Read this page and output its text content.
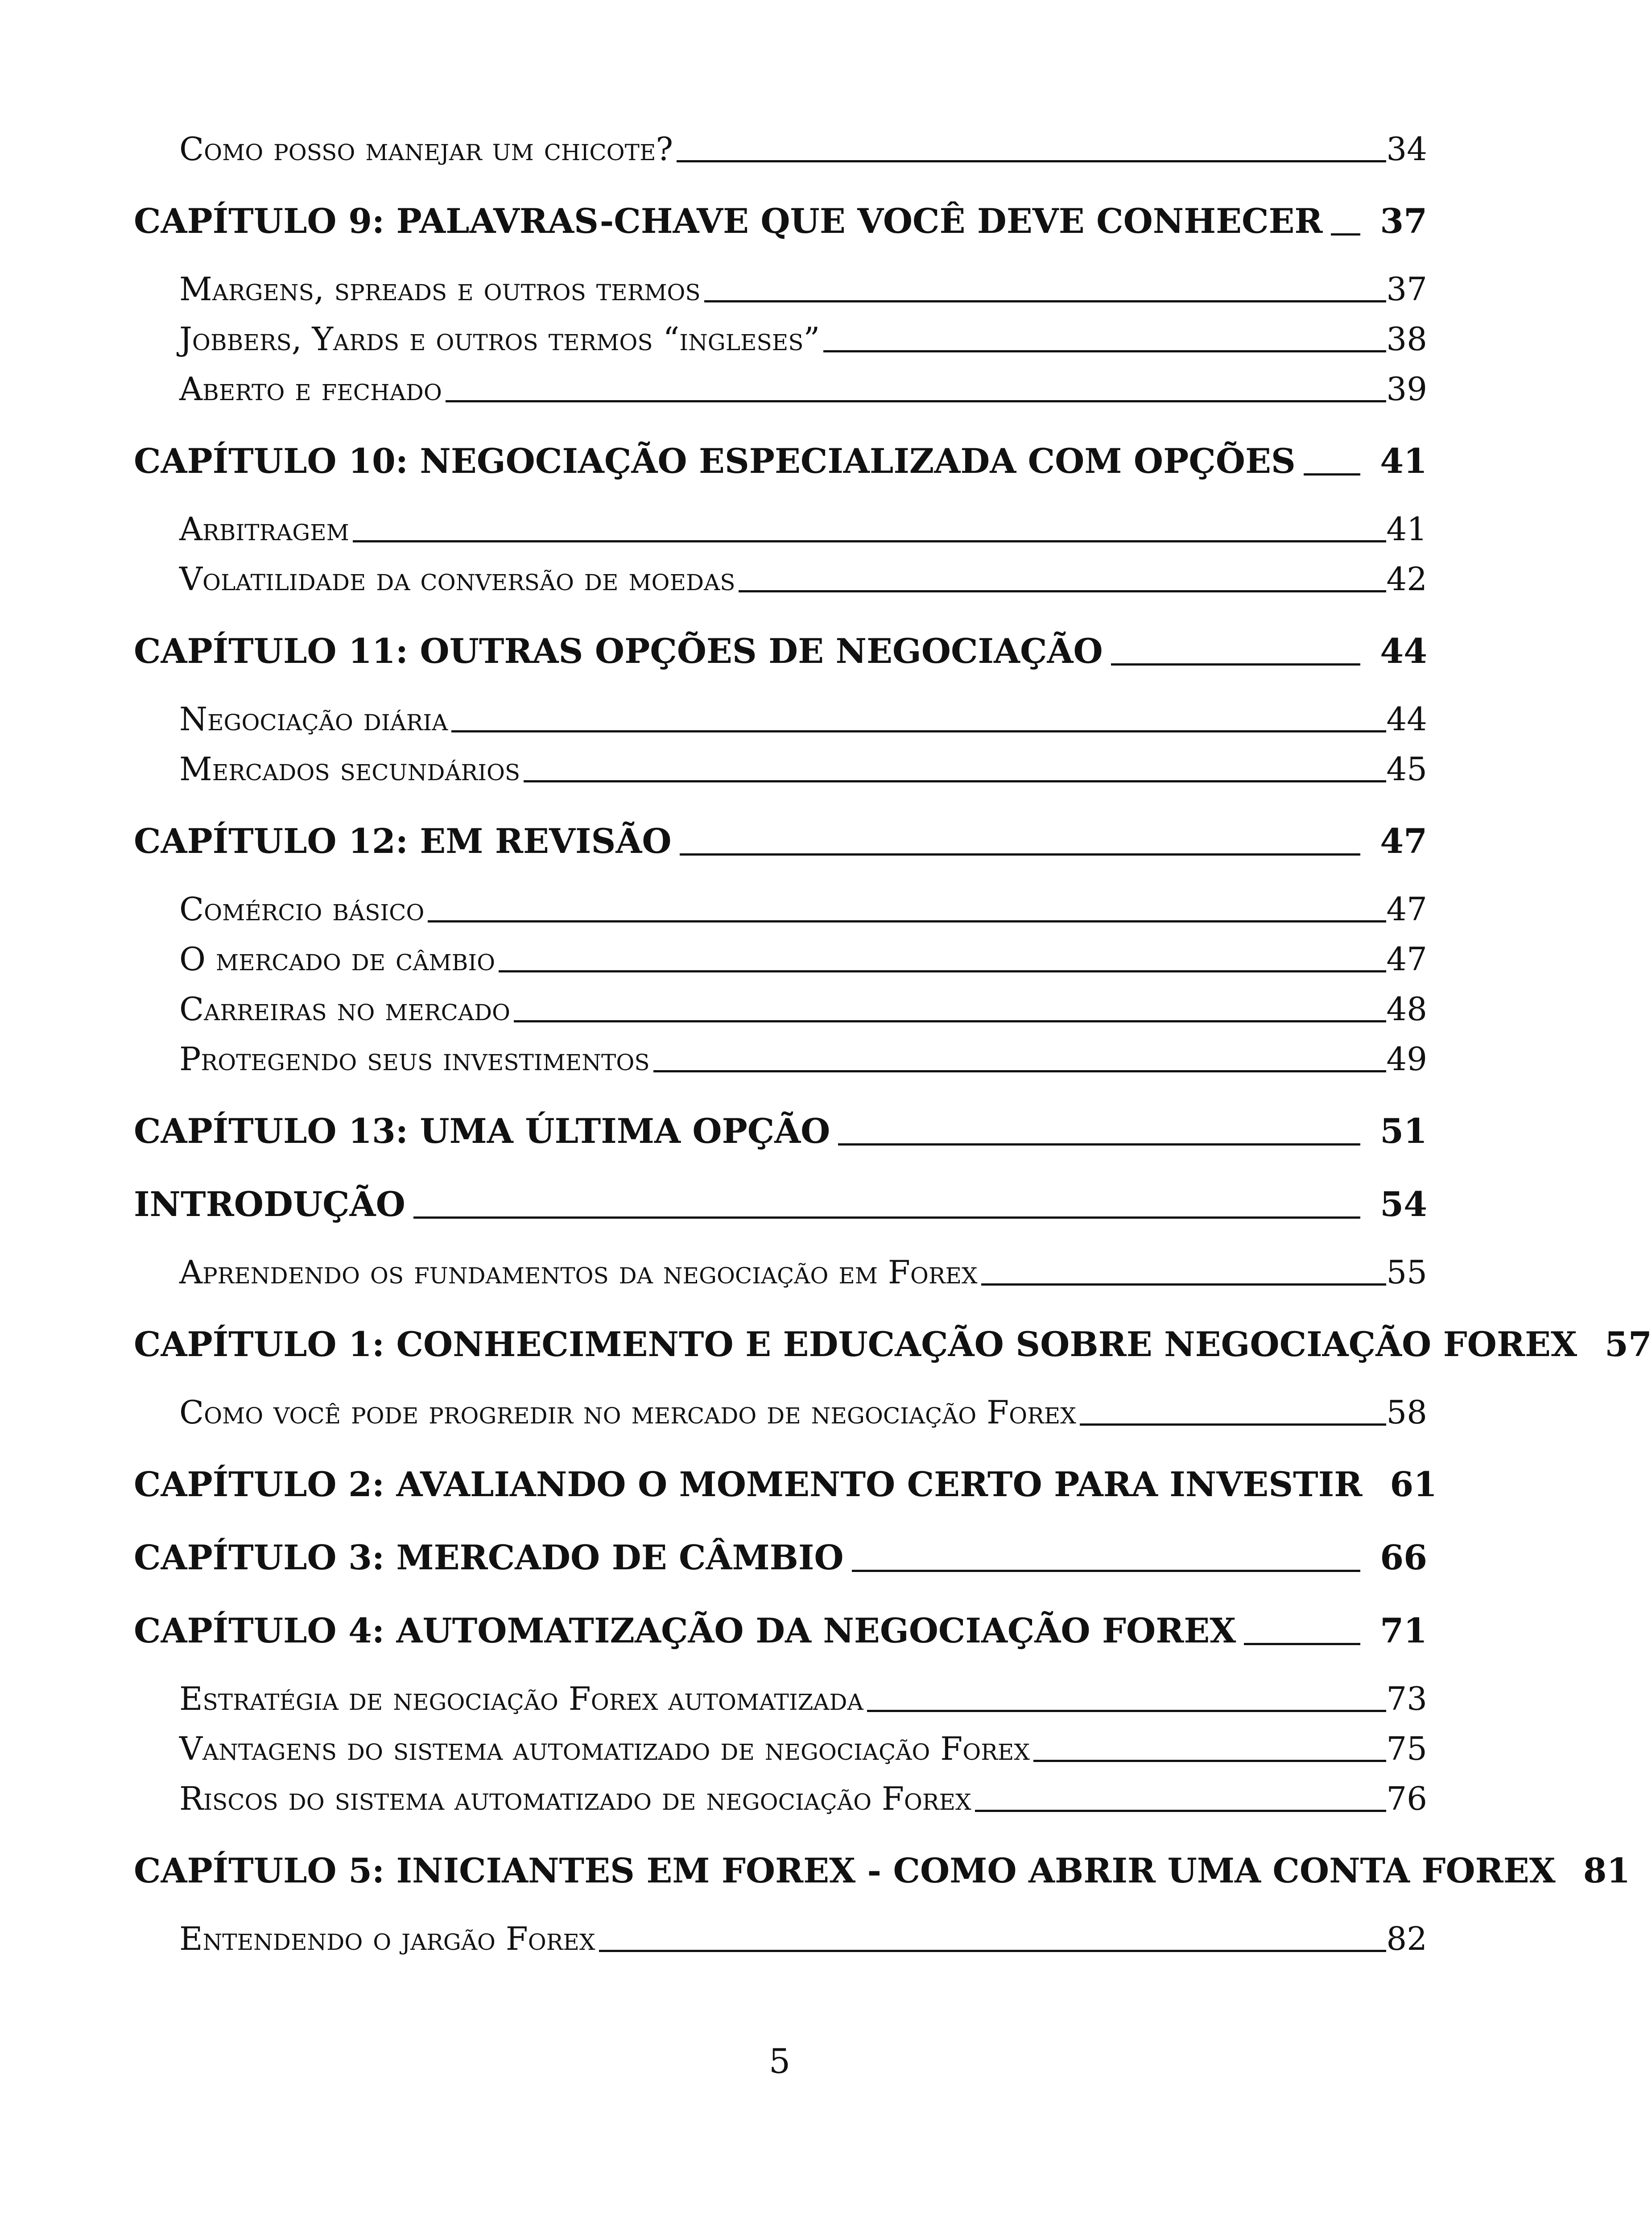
Como posso manejar um chicote?	34
CAPÍTULO 9: PALAVRAS-CHAVE QUE VOCÊ DEVE CONHECER 37
Margens, spreads e outros termos	37
Jobbers, Yards e outros termos “ingleses”	38
Aberto e fechado	39
CAPÍTULO 10: NEGOCIAÇÃO ESPECIALIZADA COM OPÇÕES 41
Arbitragem	41
Volatilidade da conversão de moedas	42
CAPÍTULO 11: OUTRAS OPÇÕES DE NEGOCIAÇÃO	44
Negociação diária	44
Mercados secundários	45
CAPÍTULO 12: EM REVISÃO	47
Comércio básico	47
O mercado de câmbio	47
Carreiras no mercado	48
Protegendo seus investimentos	49
CAPÍTULO 13: UMA ÚLTIMA OPÇÃO	51
INTRODUÇÃO	54
Aprendendo os fundamentos da negociação em Forex	55
CAPÍTULO 1: CONHECIMENTO E EDUCAÇÃO SOBRE NEGOCIAÇÃO FOREX 57
Como você pode progredir no mercado de negociação Forex	58
CAPÍTULO 2: AVALIANDO O MOMENTO CERTO PARA INVESTIR 61
CAPÍTULO 3: MERCADO DE CÂMBIO	66
CAPÍTULO 4: AUTOMATIZAÇÃO DA NEGOCIAÇÃO FOREX	71
Estratégia de negociação Forex automatizada	73
Vantagens do sistema automatizado de negociação Forex	75
Riscos do sistema automatizado de negociação Forex	76
CAPÍTULO 5: INICIANTES EM FOREX - COMO ABRIR UMA CONTA FOREX 81
Entendendo o jargão Forex	82
5
